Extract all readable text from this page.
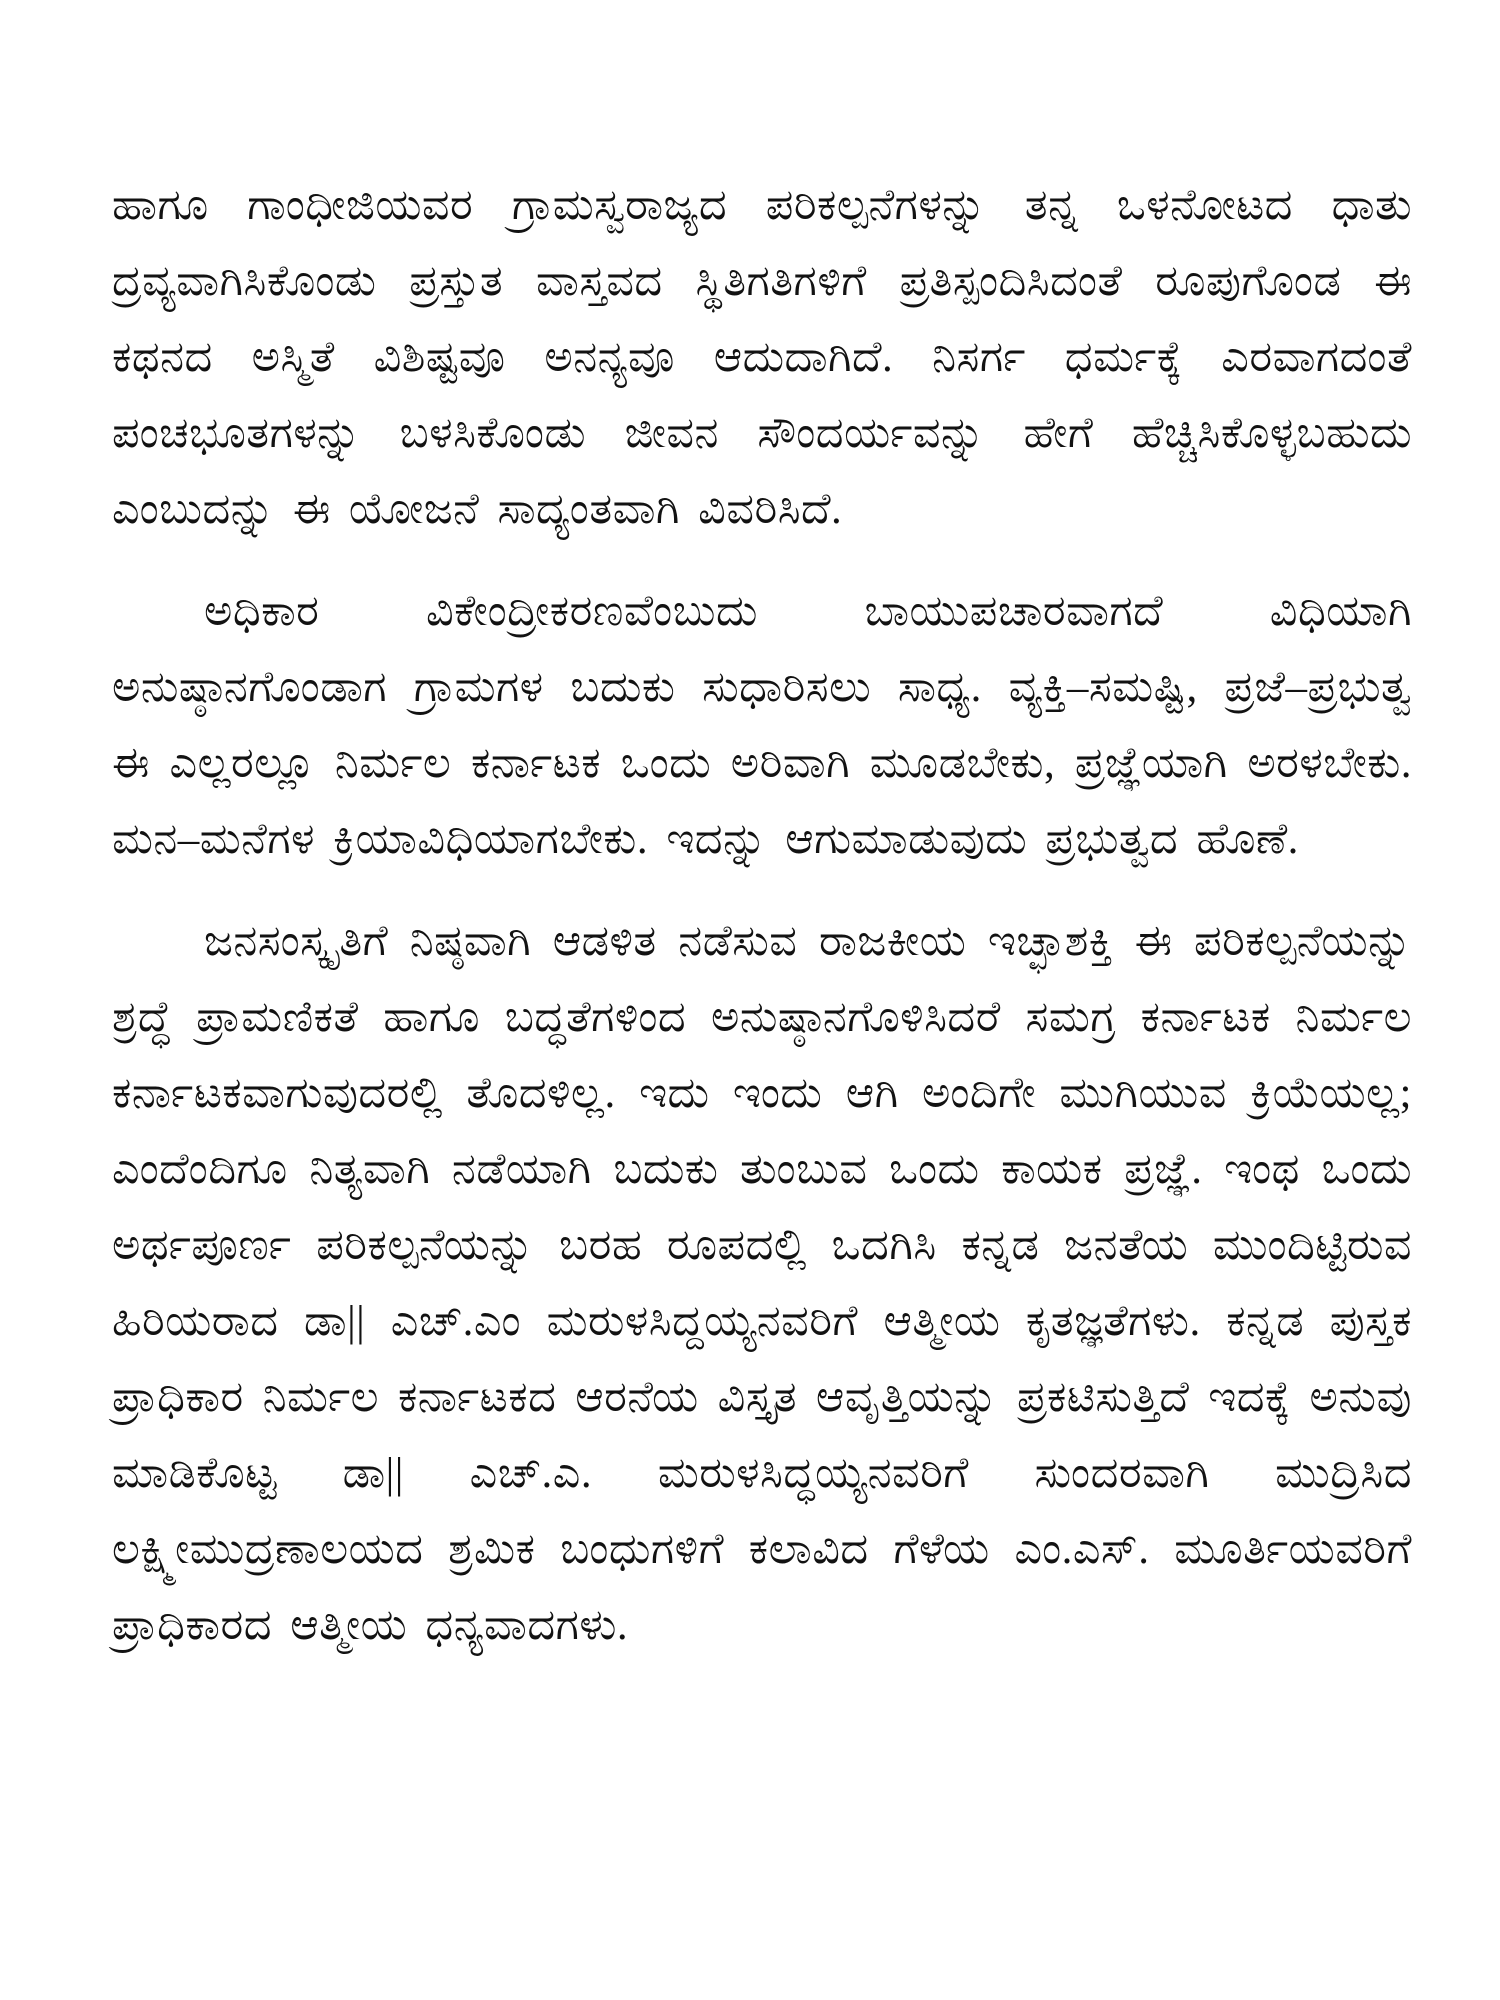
ಹಾಗೂ ಗಾಂಧೀಜಿಯವರ ಗ್ರಾಮಸ್ವರಾಜ್ಯದ ಪರಿಕಲ್ಪನೆಗಳನ್ನು ತನ್ನ ಒಳನೋಟದ ಧಾತು ದ್ರವ್ಯವಾಗಿಸಿಕೊಂಡು ಪ್ರಸ್ತುತ ವಾಸ್ತವದ ಸ್ಥಿತಿಗತಿಗಳಿಗೆ ಪ್ರತಿಸ್ಪಂದಿಸಿದಂತೆ ರೂಪುಗೊಂಡ ಈ ಕಥನದ ಅಸ್ಮಿತೆ ವಿಶಿಷ್ಟವೂ ಅನನ್ಯವೂ ಆದುದಾಗಿದೆ. ನಿಸರ್ಗ ಧರ್ಮಕ್ಕೆ ಎರವಾಗದಂತೆ ಪಂಚಭೂತಗಳನ್ನು ಬಳಸಿಕೊಂಡು ಜೀವನ ಸೌಂದರ್ಯವನ್ನು ಹೇಗೆ ಹೆಚ್ಚಿಸಿಕೊಳ್ಳಬಹುದು ಎಂಬುದನ್ನು ಈ ಯೋಜನೆ ಸಾದ್ಯಂತವಾಗಿ ವಿವರಿಸಿದೆ.

ಅಧಿಕಾರ ವಿಕೇಂದ್ರೀಕರಣವೆಂಬುದು ಬಾಯುಪಚಾರವಾಗದೆ ವಿಧಿಯಾಗಿ ಅನುಷ್ಠಾನಗೊಂಡಾಗ ಗ್ರಾಮಗಳ ಬದುಕು ಸುಧಾರಿಸಲು ಸಾಧ್ಯ. ವ್ಯಕ್ತಿ–ಸಮಷ್ಟಿ, ಪ್ರಜೆ–ಪ್ರಭುತ್ವ ಈ ಎಲ್ಲರಲ್ಲೂ ನಿರ್ಮಲ ಕರ್ನಾಟಕ ಒಂದು ಅರಿವಾಗಿ ಮೂಡಬೇಕು, ಪ್ರಜ್ಞೆಯಾಗಿ ಅರಳಬೇಕು. ಮನ–ಮನೆಗಳ ಕ್ರಿಯಾವಿಧಿಯಾಗಬೇಕು. ಇದನ್ನು ಆಗುಮಾಡುವುದು ಪ್ರಭುತ್ವದ ಹೊಣೆ.

ಜನಸಂಸ್ಕೃತಿಗೆ ನಿಷ್ಠವಾಗಿ ಆಡಳಿತ ನಡೆಸುವ ರಾಜಕೀಯ ಇಚ್ಛಾಶಕ್ತಿ ಈ ಪರಿಕಲ್ಪನೆಯನ್ನು ಶ್ರದ್ಧೆ ಪ್ರಾಮಣಿಕತೆ ಹಾಗೂ ಬದ್ಧತೆಗಳಿಂದ ಅನುಷ್ಠಾನಗೊಳಿಸಿದರೆ ಸಮಗ್ರ ಕರ್ನಾಟಕ ನಿರ್ಮಲ ಕರ್ನಾಟಕವಾಗುವುದರಲ್ಲಿ ತೊದಳಿಲ್ಲ. ಇದು ಇಂದು ಆಗಿ ಅಂದಿಗೇ ಮುಗಿಯುವ ಕ್ರಿಯೆಯಲ್ಲ; ಎಂದೆಂದಿಗೂ ನಿತ್ಯವಾಗಿ ನಡೆಯಾಗಿ ಬದುಕು ತುಂಬುವ ಒಂದು ಕಾಯಕ ಪ್ರಜ್ಞೆ. ಇಂಥ ಒಂದು ಅರ್ಥಪೂರ್ಣ ಪರಿಕಲ್ಪನೆಯನ್ನು ಬರಹ ರೂಪದಲ್ಲಿ ಒದಗಿಸಿ ಕನ್ನಡ ಜನತೆಯ ಮುಂದಿಟ್ಟಿರುವ ಹಿರಿಯರಾದ ಡಾ|| ಎಚ್.ಎಂ ಮರುಳಸಿದ್ದಯ್ಯನವರಿಗೆ ಆತ್ಮೀಯ ಕೃತಜ್ಞತೆಗಳು. ಕನ್ನಡ ಪುಸ್ತಕ ಪ್ರಾಧಿಕಾರ ನಿರ್ಮಲ ಕರ್ನಾಟಕದ ಆರನೆಯ ವಿಸ್ತೃತ ಆವೃತ್ತಿಯನ್ನು ಪ್ರಕಟಿಸುತ್ತಿದೆ ಇದಕ್ಕೆ ಅನುವು ಮಾಡಿಕೊಟ್ಟ ಡಾ|| ಎಚ್.ಎ. ಮರುಳಸಿದ್ಧಯ್ಯನವರಿಗೆ ಸುಂದರವಾಗಿ ಮುದ್ರಿಸಿದ ಲಕ್ಷ್ಮೀಮುದ್ರಣಾಲಯದ ಶ್ರಮಿಕ ಬಂಧುಗಳಿಗೆ ಕಲಾವಿದ ಗೆಳೆಯ ಎಂ.ಎಸ್. ಮೂರ್ತಿಯವರಿಗೆ ಪ್ರಾಧಿಕಾರದ ಆತ್ಮೀಯ ಧನ್ಯವಾದಗಳು.
